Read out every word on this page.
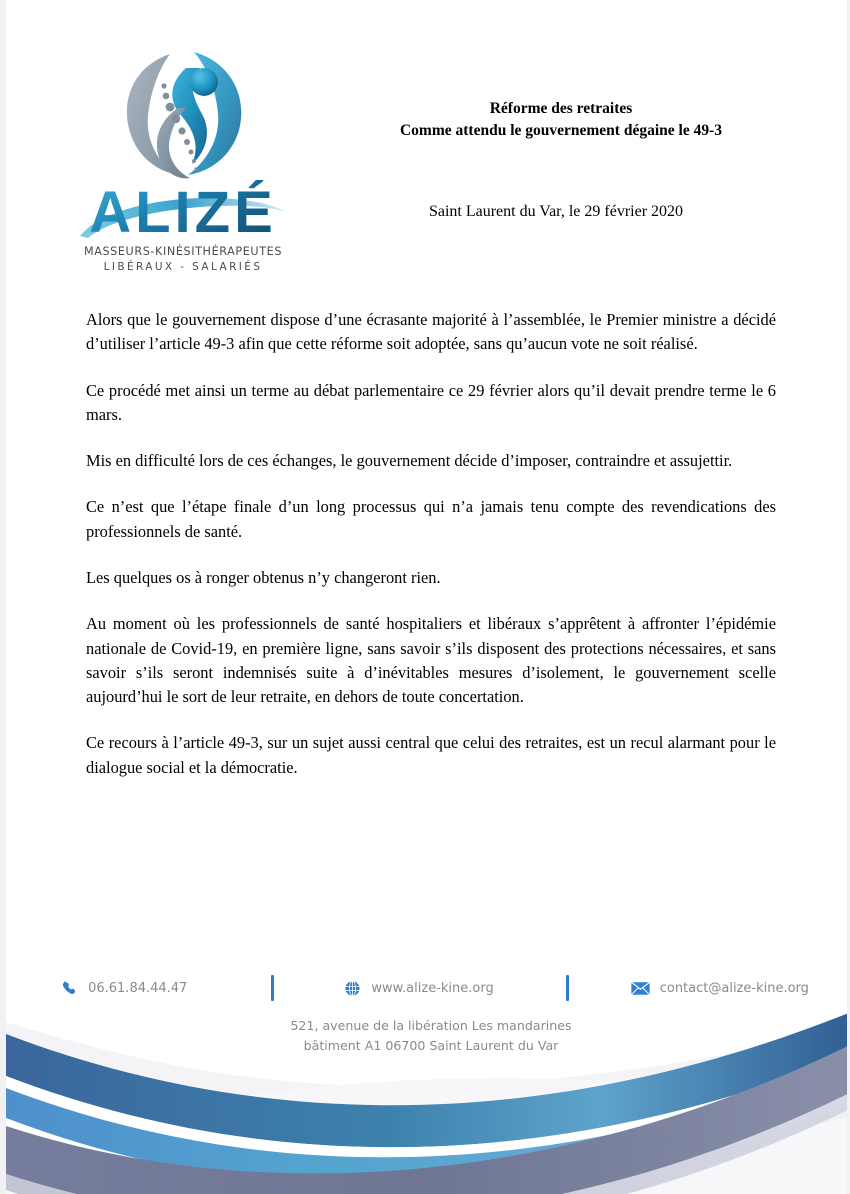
ALIZÉ
MASSEURS-KINÉSITHÉRAPEUTES
LIBÉRAUX - SALARIÉS
Réforme des retraites
Comme attendu le gouvernement dégaine le 49-3
Saint Laurent du Var, le 29 février 2020

Alors que le gouvernement dispose d’une écrasante majorité à l’assemblée, le Premier ministre a décidé d’utiliser l’article 49-3 afin que cette réforme soit adoptée, sans qu’aucun vote ne soit réalisé.

Ce procédé met ainsi un terme au débat parlementaire ce 29 février alors qu’il devait prendre terme le 6 mars.

Mis en difficulté lors de ces échanges, le gouvernement décide d’imposer, contraindre et assujettir.

Ce n’est que l’étape finale d’un long processus qui n’a jamais tenu compte des revendications des professionnels de santé.

Les quelques os à ronger obtenus n’y changeront rien.

Au moment où les professionnels de santé hospitaliers et libéraux s’apprêtent à affronter l’épidémie nationale de Covid-19, en première ligne, sans savoir s’ils disposent des protections nécessaires, et sans savoir s’ils seront indemnisés suite à d’inévitables mesures d’isolement, le gouvernement scelle aujourd’hui le sort de leur retraite, en dehors de toute concertation.

Ce recours à l’article 49-3, sur un sujet aussi central que celui des retraites, est un recul alarmant pour le dialogue social et la démocratie.

06.61.84.44.47	www.alize-kine.org	contact@alize-kine.org
521, avenue de la libération Les mandarines
bâtiment A1 06700 Saint Laurent du Var
